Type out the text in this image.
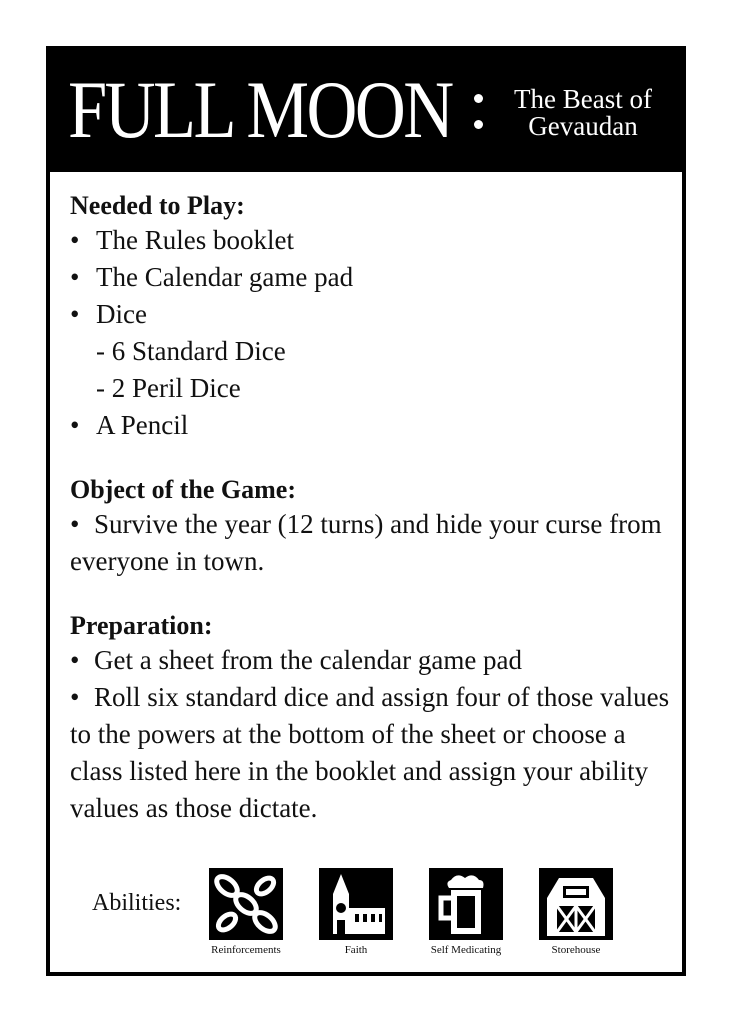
FULL MOON	The Beast of
Gevaudan
Needed to Play:
• The Rules booklet
• The Calendar game pad
• Dice
- 6 Standard Dice
- 2 Peril Dice
• A Pencil
Object of the Game:
• Survive the year (12 turns) and hide your curse from everyone in town.
Preparation:
• Get a sheet from the calendar game pad
• Roll six standard dice and assign four of those values to the powers at the bottom of the sheet or choose a class listed here in the booklet and assign your ability values as those dictate.
Abilities:
Reinforcements	Faith	Self Medicating	Storehouse
